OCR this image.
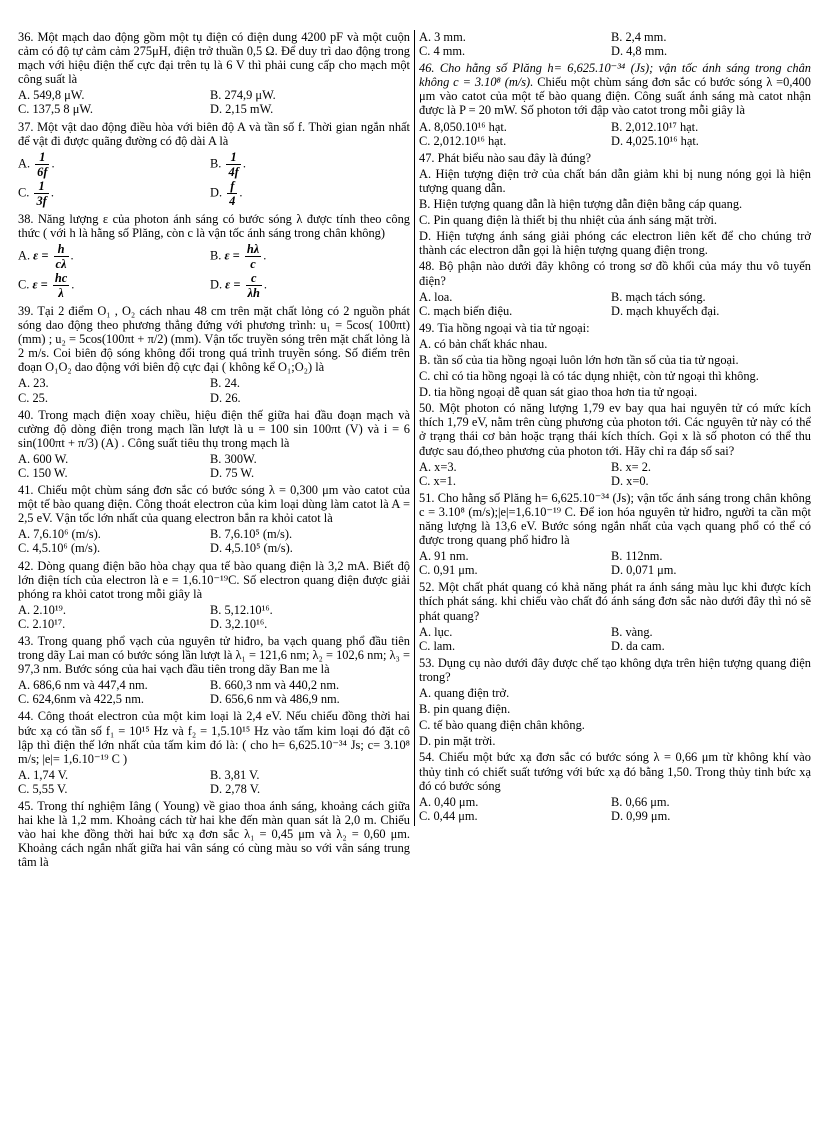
36. Một mạch dao động gồm một tụ điện có điện dung 4200 pF và một cuộn cảm có độ tự cảm cảm 275μH, điện trở thuần 0,5 Ω. Để duy trì dao động trong mạch với hiệu điện thế cực đại trên tụ là 6 V thì phải cung cấp cho mạch một công suất là
A. 549,8 μW.	B. 274,9 μW.
C. 137,5 8 μW.	D. 2,15 mW.
37. Một vật dao động điều hòa với biên độ A và tần số f. Thời gian ngắn nhất để vật đi được quãng đường có độ dài A là
A. $\frac{1}{6f}$ .	B. $\frac{1}{4f}$ .
C. $\frac{1}{3f}$ .	D. $\frac{f}{4}$ .
38. Năng lượng ε của photon ánh sáng có bước sóng λ được tính theo công thức ( với h là hằng số Plăng, còn c là vận tốc ánh sáng trong chân không)
A. $\varepsilon = \frac{h}{c\lambda}$ .	B. $\varepsilon = \frac{h\lambda}{c}$ .
C. $\varepsilon = \frac{hc}{\lambda}$ .	D. $\varepsilon = \frac{c}{\lambda h}$ .
39. Tại 2 điểm O₁ , O₂ cách nhau 48 cm trên mặt chất lỏng có 2 nguồn phát sóng dao động theo phương thẳng đứng với phương trình: u₁ = 5cos( 100πt) (mm) ; u₂ = 5cos(100πt + π/2) (mm). Vận tốc truyền sóng trên mặt chất lỏng là 2 m/s. Coi biên độ sóng không đổi trong quá trình truyền sóng. Số điểm trên đoạn O₁O₂ dao động với biên độ cực đại ( không kể O₁;O₂) là
A. 23.	B. 24.
C. 25.	D. 26.
40. Trong mạch điện xoay chiều, hiệu điện thế giữa hai đầu đoạn mạch và cường độ dòng điện trong mạch lần lượt là u = 100 sin 100πt (V) và i = 6 sin(100πt + π/3) (A) . Công suất tiêu thụ trong mạch là
A. 600 W.	B. 300W.
C. 150 W.	D. 75 W.
41. Chiếu một chùm sáng đơn sắc có bước sóng λ = 0,300 μm vào catot của một tế bào quang điện. Công thoát electron của kim loại dùng làm catot là A = 2,5 eV. Vận tốc lớn nhất của quang electron bắn ra khỏi catot là
A. 7,6.10⁶ (m/s).	B. 7,6.10⁵ (m/s).
C. 4,5.10⁶ (m/s).	D. 4,5.10⁵ (m/s).
42. Dòng quang điện bão hòa chạy qua tế bào quang điện là 3,2 mA. Biết độ lớn điện tích của electron là e = 1,6.10⁻¹⁹C. Số electron quang điện được giải phóng ra khỏi catot trong mỗi giây là
A. 2.10¹⁹.	B. 5,12.10¹⁶.
C. 2.10¹⁷.	D. 3,2.10¹⁶.
43. Trong quang phổ vạch của nguyên tử hiđro, ba vạch quang phổ đầu tiên trong dãy Lai man có bước sóng lần lượt là λ₁ = 121,6 nm; λ₂ = 102,6 nm; λ₃ = 97,3 nm. Bước sóng của hai vạch đầu tiên trong dãy Ban me là
A. 686,6 nm và 447,4 nm.	B. 660,3 nm và 440,2 nm.
C. 624,6nm và 422,5 nm.	D. 656,6 nm và 486,9 nm.
44. Công thoát electron của một kim loại là 2,4 eV. Nếu chiếu đồng thời hai bức xạ có tần số f₁ = 10¹⁵ Hz và f₂ = 1,5.10¹⁵ Hz vào tấm kim loại đó đặt cô lập thì điện thế lớn nhất của tấm kim đó là: ( cho h= 6,625.10⁻³⁴ Js; c= 3.10⁸ m/s; |e|= 1,6.10⁻¹⁹ C )
A. 1,74 V.	B. 3,81 V.
C. 5,55 V.	D. 2,78 V.
45. Trong thí nghiệm Iâng ( Young) về giao thoa ánh sáng, khoảng cách giữa hai khe là 1,2 mm. Khoảng cách từ hai khe đến màn quan sát là 2,0 m. Chiếu vào hai khe đồng thời hai bức xạ đơn sắc λ₁ = 0,45 μm và λ₂ = 0,60 μm. Khoảng cách ngắn nhất giữa hai vân sáng có cùng màu so với vân sáng trung tâm là
A. 3 mm.	B. 2,4 mm.
C. 4 mm.	D. 4,8 mm.
46. Cho hằng số Plăng h= 6,625.10⁻³⁴ (Js); vận tốc ánh sáng trong chân không c = 3.10⁸ (m/s). Chiếu một chùm sáng đơn sắc có bước sóng λ =0,400 μm vào catot của một tế bào quang điện. Công suất ánh sáng mà catot nhận được là P = 20 mW. Số photon tới đập vào catot trong mỗi giây là
A. 8,050.10¹⁶ hạt.	B. 2,012.10¹⁷ hạt.
C. 2,012.10¹⁶ hạt.	D. 4,025.10¹⁶ hạt.
47. Phát biểu nào sau đây là đúng?
A. Hiện tượng điện trở của chất bán dẫn giảm khi bị nung nóng gọi là hiện tượng quang dẫn.
B. Hiện tượng quang dẫn là hiện tượng dẫn điện bằng cáp quang.
C. Pin quang điện là thiết bị thu nhiệt của ánh sáng mặt trời.
D. Hiện tượng ánh sáng giải phóng các electron liên kết để cho chúng trở thành các electron dẫn gọi là hiện tượng quang điện trong.
48. Bộ phận nào dưới đây không có trong sơ đồ khối của máy thu vô tuyến điện?
A. loa.	B. mạch tách sóng.
C. mạch biến điệu.	D. mạch khuyếch đại.
49. Tia hồng ngoại và tia tử ngoại:
A. có bản chất khác nhau.
B. tần số của tia hồng ngoại luôn lớn hơn tần số của tia tử ngoại.
C. chỉ có tia hồng ngoại là có tác dụng nhiệt, còn tử ngoại thì không.
D. tia hồng ngoại dễ quan sát giao thoa hơn tia tử ngoại.
50. Một photon có năng lượng 1,79 ev bay qua hai nguyên tử có mức kích thích 1,79 eV, nằm trên cùng phương của photon tới. Các nguyên tử này có thể ở trạng thái cơ bản hoặc trạng thái kích thích. Gọi x là số photon có thể thu được sau đó,theo phương của photon tới. Hãy chỉ ra đáp số sai?
A. x=3.	B. x= 2.
C. x=1.	D. x=0.
51. Cho hằng số Plăng h= 6,625.10⁻³⁴ (Js); vận tốc ánh sáng trong chân không c = 3.10⁸ (m/s);|e|=1,6.10⁻¹⁹ C. Để ion hóa nguyên tử hiđro, người ta cần một năng lượng là 13,6 eV. Bước sóng ngắn nhất của vạch quang phổ có thể có được trong quang phổ hiđro là
A. 91 nm.	B. 112nm.
C. 0,91 μm.	D. 0,071 μm.
52. Một chất phát quang có khả năng phát ra ánh sáng màu lục khi được kích thích phát sáng. khi chiếu vào chất đó ánh sáng đơn sắc nào dưới đây thì nó sẽ phát quang?
A. lục.	B. vàng.
C. lam.	D. da cam.
53. Dụng cụ nào dưới đây được chế tạo không dựa trên hiện tượng quang điện trong?
A. quang điện trở.
B. pin quang điện.
C. tế bào quang điện chân không.
D. pin mặt trời.
54. Chiếu một bức xạ đơn sắc có bước sóng λ = 0,66 μm từ không khí vào thủy tinh có chiết suất tướng với bức xạ đó bằng 1,50. Trong thủy tinh bức xạ đó có bước sóng
A. 0,40 μm.	B. 0,66 μm.
C. 0,44 μm.	D. 0,99 μm.
